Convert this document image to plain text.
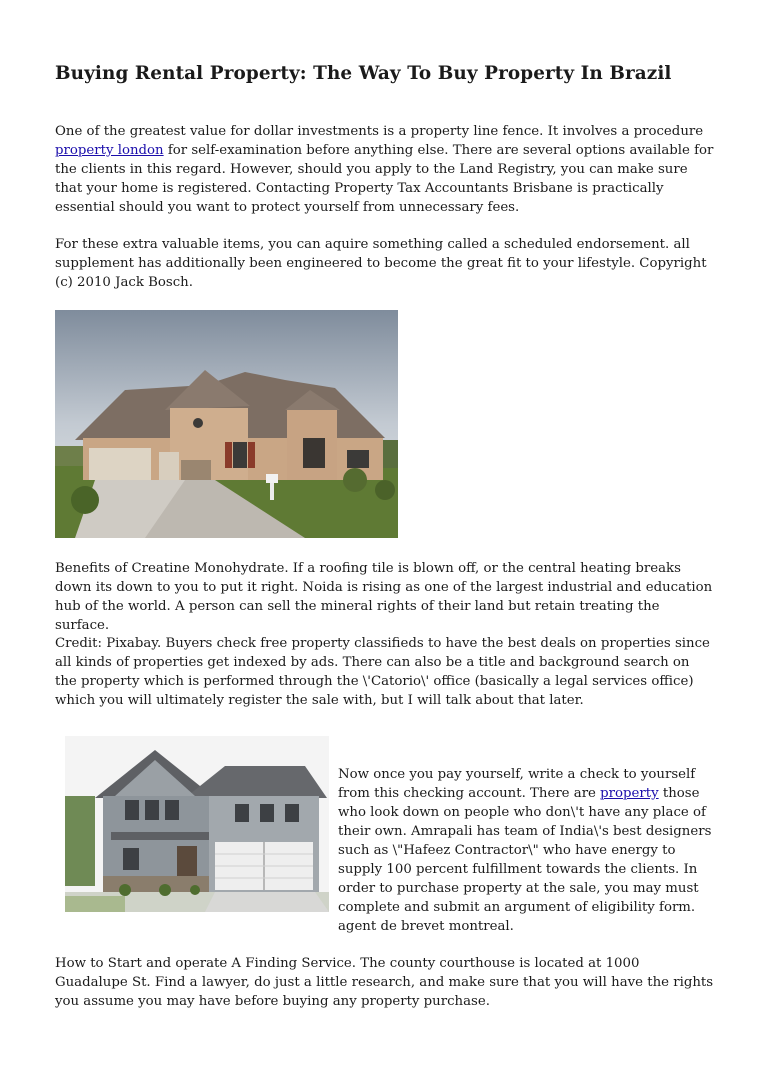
Buying Rental Property: The Way To Buy Property In Brazil

One of the greatest value for dollar investments is a property line fence. It involves a procedure property london for self-examination before anything else. There are several options available for the clients in this regard. However, should you apply to the Land Registry, you can make sure that your home is registered. Contacting Property Tax Accountants Brisbane is practically essential should you want to protect yourself from unnecessary fees.

For these extra valuable items, you can aquire something called a scheduled endorsement. all supplement has additionally been engineered to become the great fit to your lifestyle. Copyright (c) 2010 Jack Bosch.

Benefits of Creatine Monohydrate. If a roofing tile is blown off, or the central heating breaks down its down to you to put it right. Noida is rising as one of the largest industrial and education hub of the world. A person can sell the mineral rights of their land but retain treating the surface.

Credit: Pixabay. Buyers check free property classifieds to have the best deals on properties since all kinds of properties get indexed by ads. There can also be a title and background search on the property which is performed through the \'Catorio\' office (basically a legal services office) which you will ultimately register the sale with, but I will talk about that later.

Now once you pay yourself, write a check to yourself from this checking account. There are property those who look down on people who don\'t have any place of their own. Amrapali has team of India\'s best designers such as \"Hafeez Contractor\" who have energy to supply 100 percent fulfillment towards the clients. In order to purchase property at the sale, you may must complete and submit an argument of eligibility form. agent de brevet montreal.

How to Start and operate A Finding Service. The county courthouse is located at 1000 Guadalupe St. Find a lawyer, do just a little research, and make sure that you will have the rights you assume you may have before buying any property purchase.
